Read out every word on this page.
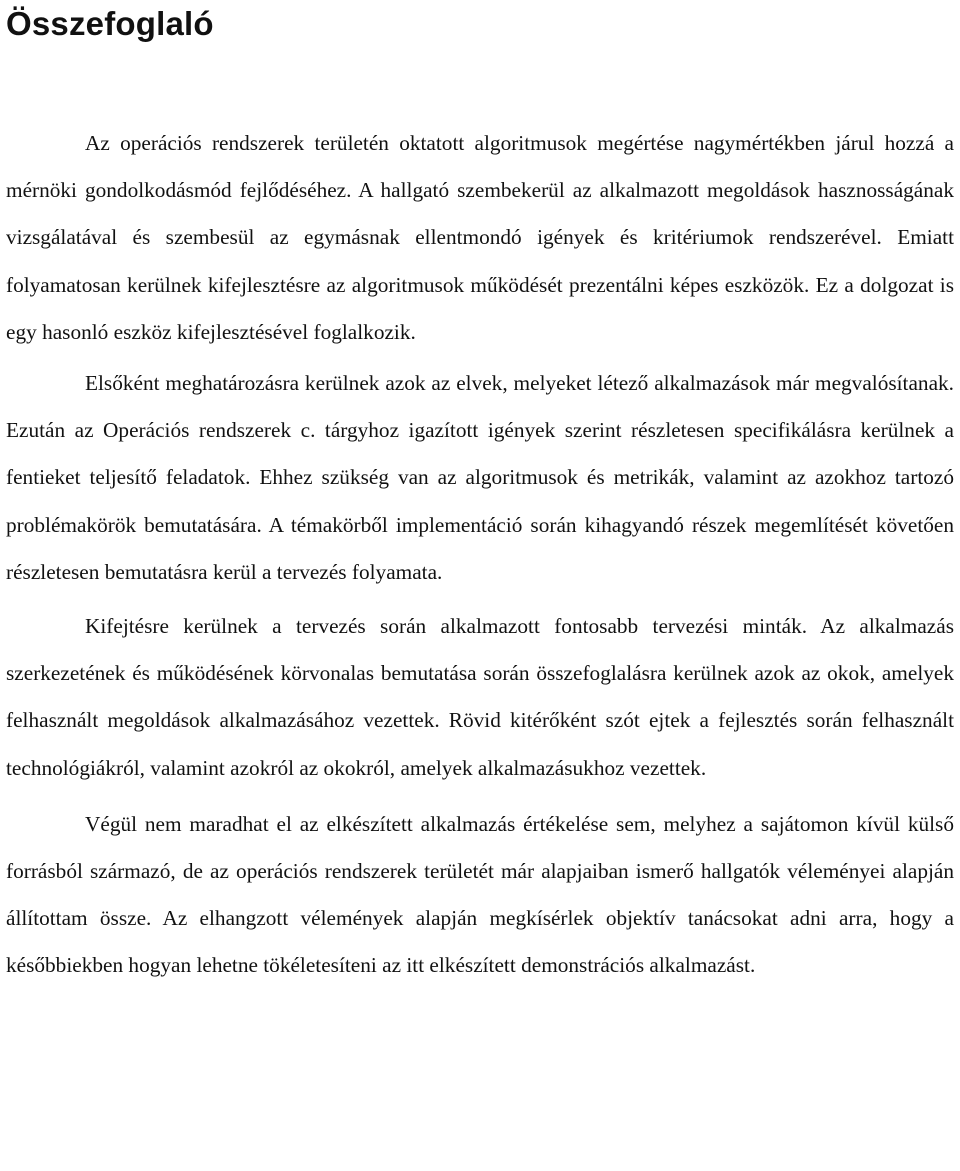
Összefoglaló

Az operációs rendszerek területén oktatott algoritmusok megértése nagymértékben járul hozzá a mérnöki gondolkodásmód fejlődéséhez. A hallgató szembekerül az alkalmazott megoldások hasznosságának vizsgálatával és szembesül az egymásnak ellentmondó igények és kritériumok rendszerével. Emiatt folyamatosan kerülnek kifejlesztésre az algoritmusok működését prezentálni képes eszközök. Ez a dolgozat is egy hasonló eszköz kifejlesztésével foglalkozik.

Elsőként meghatározásra kerülnek azok az elvek, melyeket létező alkalmazások már megvalósítanak. Ezután az Operációs rendszerek c. tárgyhoz igazított igények szerint részletesen specifikálásra kerülnek a fentieket teljesítő feladatok. Ehhez szükség van az algoritmusok és metrikák, valamint az azokhoz tartozó problémakörök bemutatására. A témakörből implementáció során kihagyandó részek megemlítését követően részletesen bemutatásra kerül a tervezés folyamata.

Kifejtésre kerülnek a tervezés során alkalmazott fontosabb tervezési minták. Az alkalmazás szerkezetének és működésének körvonalas bemutatása során összefoglalásra kerülnek azok az okok, amelyek felhasznált megoldások alkalmazásához vezettek. Rövid kitérőként szót ejtek a fejlesztés során felhasznált technológiákról, valamint azokról az okokról, amelyek alkalmazásukhoz vezettek.

Végül nem maradhat el az elkészített alkalmazás értékelése sem, melyhez a sajátomon kívül külső forrásból származó, de az operációs rendszerek területét már alapjaiban ismerő hallgatók véleményei alapján állítottam össze. Az elhangzott vélemények alapján megkísérlek objektív tanácsokat adni arra, hogy a későbbiekben hogyan lehetne tökéletesíteni az itt elkészített demonstrációs alkalmazást.
